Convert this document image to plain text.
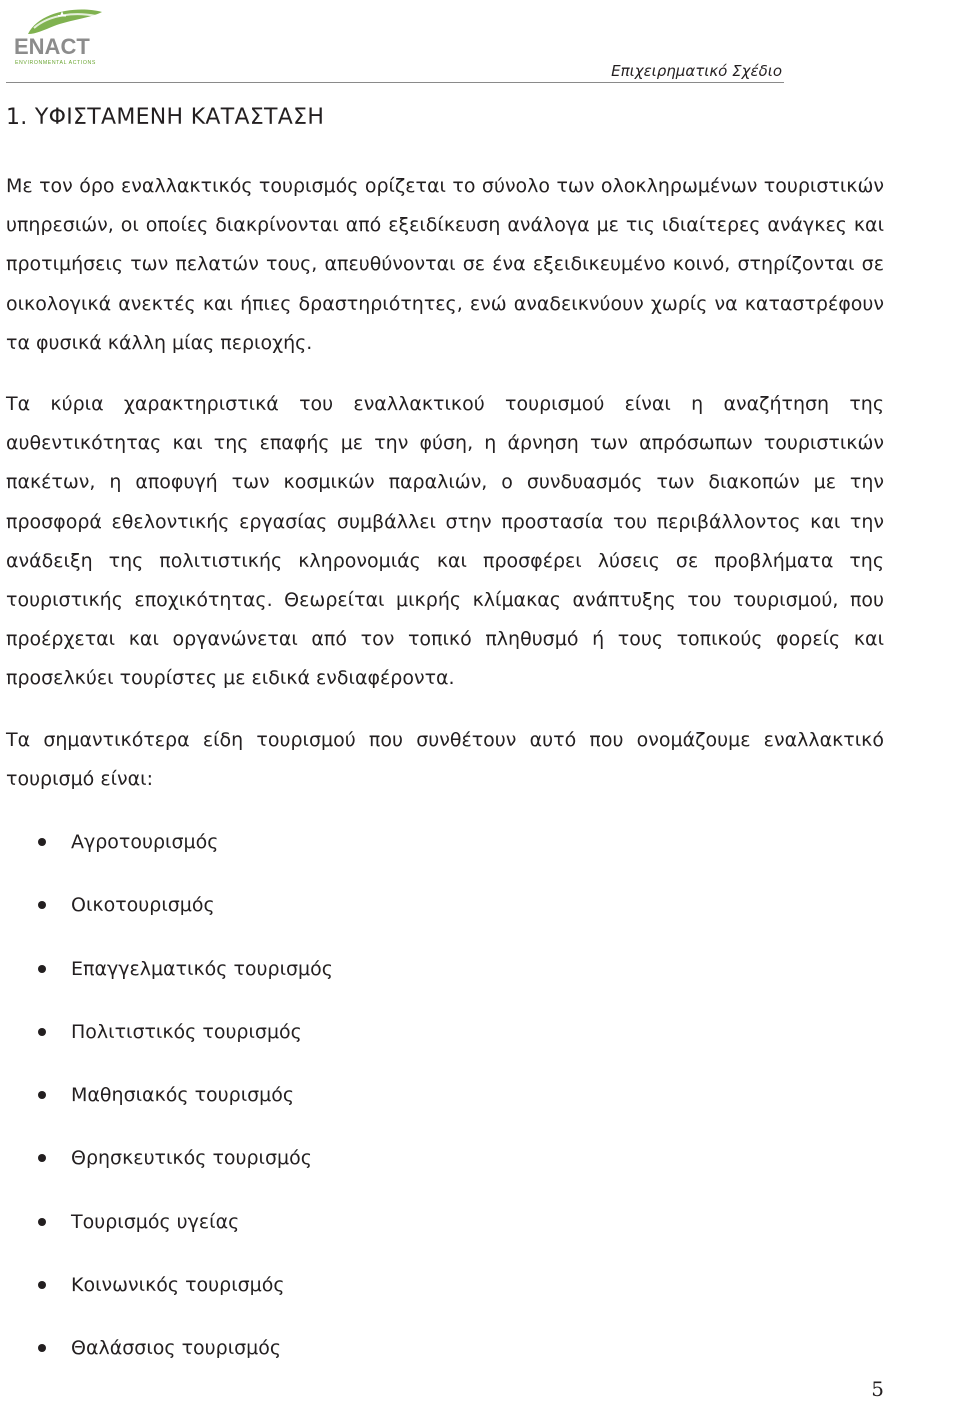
ENACT
ENVIRONMENTAL ACTIONS	Επιχειρηματικό Σχέδιο
1. ΥΦΙΣΤΑΜΕΝΗ ΚΑΤΑΣΤΑΣΗ

Με τον όρο εναλλακτικός τουρισμός ορίζεται το σύνολο των ολοκληρωμένων τουριστικών υπηρεσιών, οι οποίες διακρίνονται από εξειδίκευση ανάλογα με τις ιδιαίτερες ανάγκες και προτιμήσεις των πελατών τους, απευθύνονται σε ένα εξειδικευμένο κοινό, στηρίζονται σε οικολογικά ανεκτές και ήπιες δραστηριότητες, ενώ αναδεικνύουν χωρίς να καταστρέφουν τα φυσικά κάλλη μίας περιοχής.

Τα κύρια χαρακτηριστικά του εναλλακτικού τουρισμού είναι η αναζήτηση της αυθεντικότητας και της επαφής με την φύση, η άρνηση των απρόσωπων τουριστικών πακέτων, η αποφυγή των κοσμικών παραλιών, ο συνδυασμός των διακοπών με την προσφορά εθελοντικής εργασίας συμβάλλει στην προστασία του περιβάλλοντος και την ανάδειξη της πολιτιστικής κληρονομιάς και προσφέρει λύσεις σε προβλήματα της τουριστικής εποχικότητας. Θεωρείται μικρής κλίμακας ανάπτυξης του τουρισμού, που προέρχεται και οργανώνεται από τον τοπικό πληθυσμό ή τους τοπικούς φορείς και προσελκύει τουρίστες με ειδικά ενδιαφέροντα.

Τα σημαντικότερα είδη τουρισμού που συνθέτουν αυτό που ονομάζουμε εναλλακτικό τουρισμό είναι:

Αγροτουρισμός
Οικοτουρισμός
Επαγγελματικός τουρισμός
Πολιτιστικός τουρισμός
Μαθησιακός τουρισμός
Θρησκευτικός τουρισμός
Τουρισμός υγείας
Κοινωνικός τουρισμός
Θαλάσσιος τουρισμός
5
